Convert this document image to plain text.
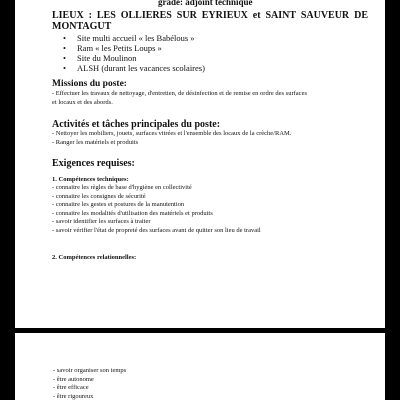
grade: adjoint technique
LIEUX : LES OLLIERES SUR EYRIEUX et SAINT SAUVEUR DE
MONTAGUT
• Site multi accueil « les Babélous »
• Ram « les Petits Loups »
• Site du Moulinon
• ALSH (durant les vacances scolaires)
Missions du poste:
- Effectuer les travaux de nettoyage, d'entretien, de désinfection et de remise en ordre des surfaces
et locaux et des abords.
Activités et tâches principales du poste:
- Nettoyer les mobiliers, jouets, surfaces vitrées et l'ensemble des locaux de la crèche/RAM.
- Ranger les matériels et produits
Exigences requises:
1. Compétences techniques:
- connaitre les règles de base d'hygiène en collectivité
- connaitre les consignes de sécurité
- connaitre les gestes et postures de la manutention
- connaitre les modalités d'utilisation des matériels et produits
- savoir identifier les surfaces à traiter
- savoir vérifier l'état de propreté des surfaces avant de quitter son lieu de travail
2. Compétences relationnelles:
- savoir organiser son temps
- être autonome
- être efficace
- être rigoureux
